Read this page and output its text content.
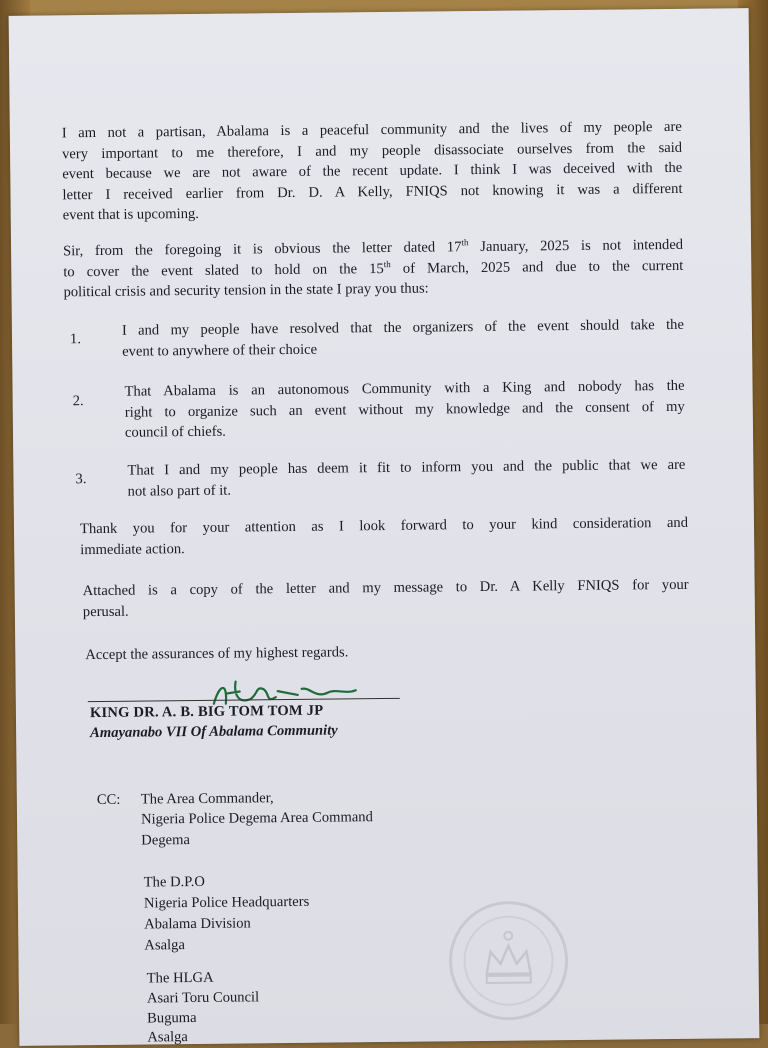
I am not a partisan, Abalama is a peaceful community and the lives of my people are
very important to me therefore, I and my people disassociate ourselves from the said
event because we are not aware of the recent update. I think I was deceived with the
letter I received earlier from Dr. D. A Kelly, FNIQS not knowing it was a different
event that is upcoming.
Sir, from the foregoing it is obvious the letter dated 17th January, 2025 is not intended
to cover the event slated to hold on the 15th of March, 2025 and due to the current
political crisis and security tension in the state I pray you thus:
1.
I and my people have resolved that the organizers of the event should take the
event to anywhere of their choice
2.
That Abalama is an autonomous Community with a King and nobody has the
right to organize such an event without my knowledge and the consent of my
council of chiefs.
3.
That I and my people has deem it fit to inform you and the public that we are
not also part of it.
Thank you for your attention as I look forward to your kind consideration and
immediate action.
Attached is a copy of the letter and my message to Dr. A Kelly FNIQS for your
perusal.
Accept the assurances of my highest regards.
KING DR. A. B. BIG TOM TOM JP
Amayanabo VII Of Abalama Community
CC: The Area Commander,
Nigeria Police Degema Area Command
Degema
The D.P.O
Nigeria Police Headquarters
Abalama Division
Asalga
The HLGA
Asari Toru Council
Buguma
Asalga
